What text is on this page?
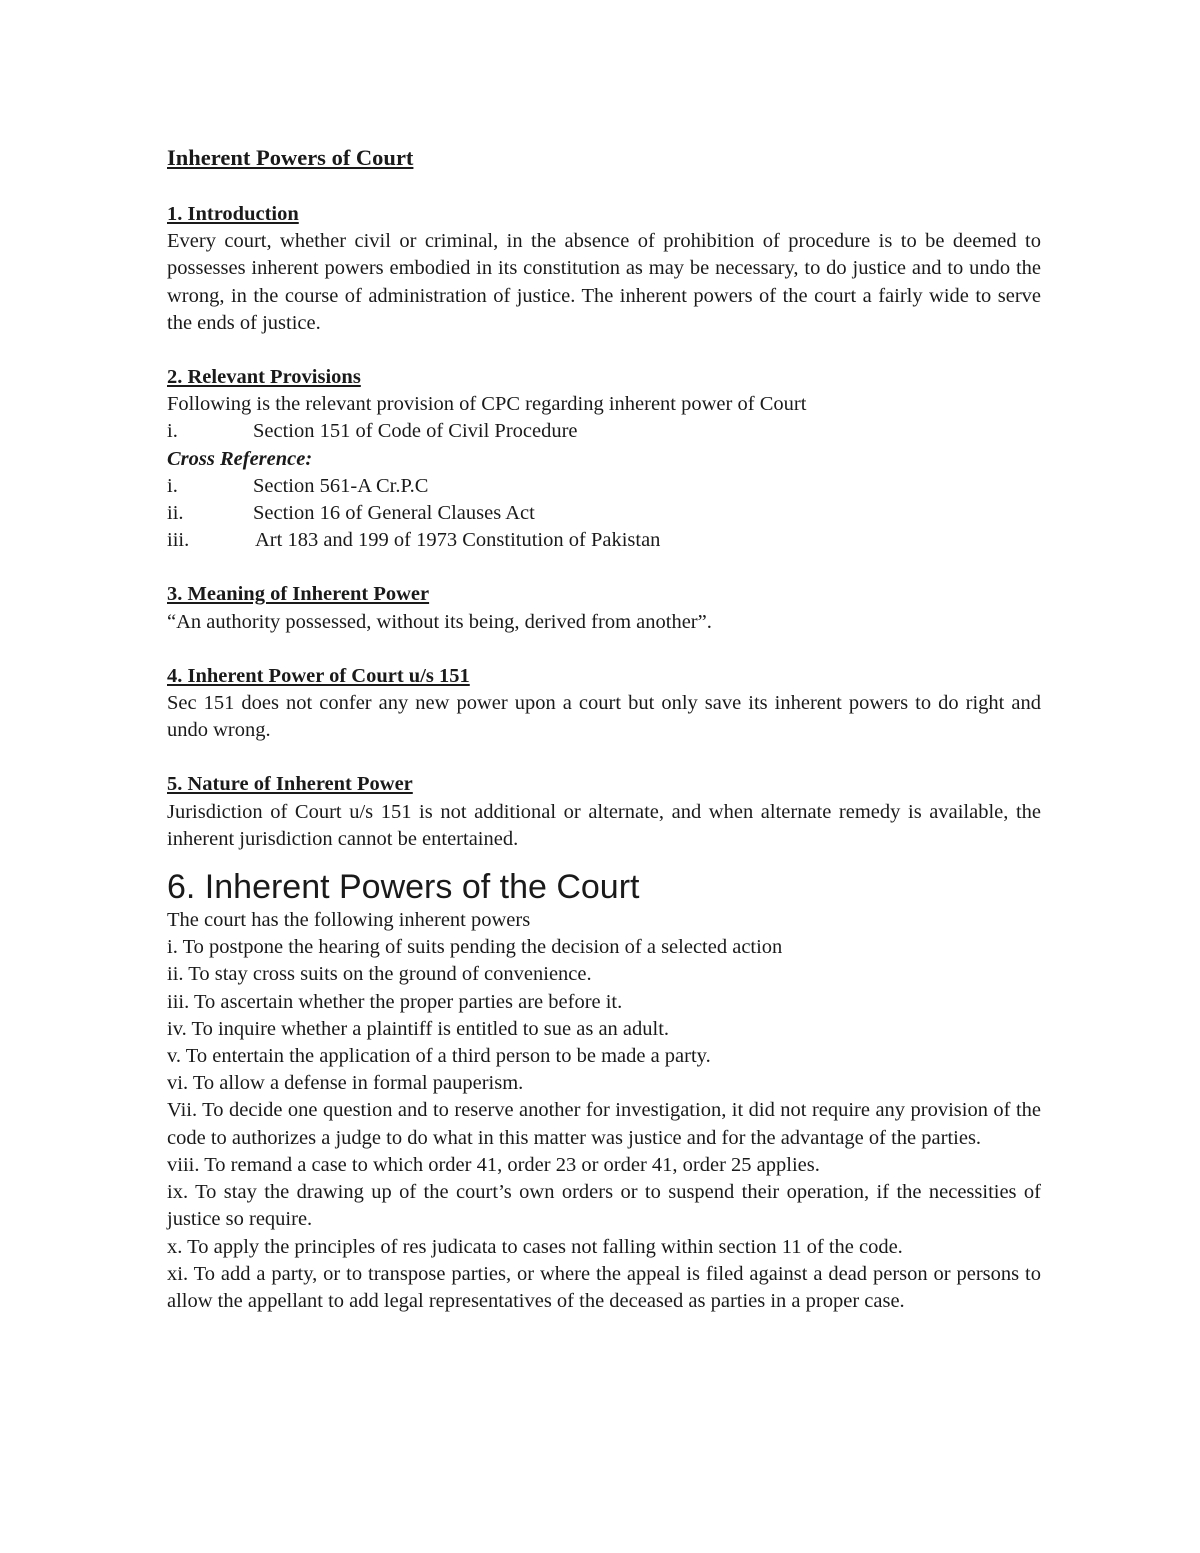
Inherent Powers of Court
1. Introduction

Every court, whether civil or criminal, in the absence of prohibition of procedure is to be deemed to possesses inherent powers embodied in its constitution as may be necessary, to do justice and to undo the wrong, in the course of administration of justice. The inherent powers of the court a fairly wide to serve the ends of justice.

2. Relevant Provisions

Following is the relevant provision of CPC regarding inherent power of Court

i.	Section 151 of Code of Civil Procedure
Cross Reference:
i.	Section 561-A Cr.P.C
ii.	Section 16 of General Clauses Act
iii.	Art 183 and 199 of 1973 Constitution of Pakistan
3. Meaning of Inherent Power

“An authority possessed, without its being, derived from another”.

4. Inherent Power of Court u/s 151

Sec 151 does not confer any new power upon a court but only save its inherent powers to do right and undo wrong.

5. Nature of Inherent Power

Jurisdiction of Court u/s 151 is not additional or alternate, and when alternate remedy is available, the inherent jurisdiction cannot be entertained.

6. Inherent Powers of the Court

The court has the following inherent powers

i. To postpone the hearing of suits pending the decision of a selected action

ii. To stay cross suits on the ground of convenience.

iii. To ascertain whether the proper parties are before it.

iv. To inquire whether a plaintiff is entitled to sue as an adult.

v. To entertain the application of a third person to be made a party.

vi. To allow a defense in formal pauperism.

Vii. To decide one question and to reserve another for investigation, it did not require any provision of the code to authorizes a judge to do what in this matter was justice and for the advantage of the parties.

viii. To remand a case to which order 41, order 23 or order 41, order 25 applies.

ix. To stay the drawing up of the court’s own orders or to suspend their operation, if the necessities of justice so require.

x. To apply the principles of res judicata to cases not falling within section 11 of the code.

xi. To add a party, or to transpose parties, or where the appeal is filed against a dead person or persons to allow the appellant to add legal representatives of the deceased as parties in a proper case.
